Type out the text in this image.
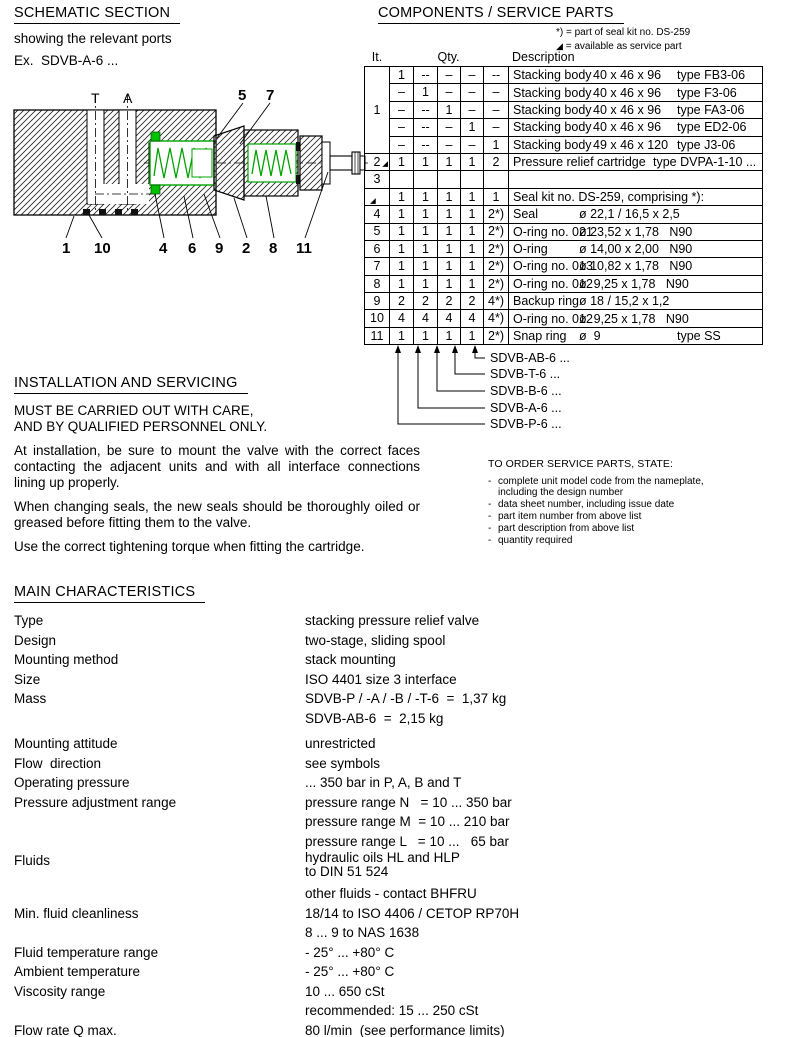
SCHEMATIC SECTION
showing the relevant ports
Ex.  SDVB-A-6 ...
T A	5 7
1 10	4 6 9 2 8 11
COMPONENTS / SERVICE PARTS
*) = part of seal kit no. DS-259
◢ = available as service part
It.	Qty.	Description
1	1	--	–	–	--	Stacking body 40 x 46 x 96 type FB3-06

	–	1	–	–	–	Stacking body 40 x 46 x 96 type F3-06

	–	--	1	–	–	Stacking body 40 x 46 x 96 type FA3-06

	–	--	–	1	–	Stacking body 40 x 46 x 96 type ED2-06

	–	--	–	–	1	Stacking body 49 x 46 x 120 type J3-06

2 ◢	1	1	1	1	2	Pressure relief cartridge type DVPA-1-10 ...

3						

◢	1	1	1	1	1	Seal kit no. DS-259, comprising *):

4	1	1	1	1	2*)	Seal ø 22,1 / 16,5 x 2,5

5	1	1	1	1	2*)	O-ring no. 021
ø 23,52 x 1,78   N90

6	1	1	1	1	2*)	O-ring ø 14,00 x 2,00   N90

7	1	1	1	1	2*)	O-ring no. 013
ø 10,82 x 1,78   N90

8	1	1	1	1	2*)	O-ring no. 012
ø  9,25 x 1,78   N90

9	2	2	2	2	4*)	Backup ring ø 18 / 15,2 x 1,2

10	4	4	4	4	4*)	O-ring no. 012
ø  9,25 x 1,78   N90

11	1	1	1	1	2*)	Snap ring ø  9 type SS
SDVB-AB-6 ...
SDVB-T-6 ...
SDVB-B-6 ...
SDVB-A-6 ...
SDVB-P-6 ...
TO ORDER SERVICE PARTS, STATE:
- complete unit model code from the nameplate, including the design number
- data sheet number, including issue date
- part item number from above list
- part description from above list
- quantity required
INSTALLATION AND SERVICING
MUST BE CARRIED OUT WITH CARE,
AND BY QUALIFIED PERSONNEL ONLY.

At installation, be sure to mount the valve with the correct faces contacting the adjacent units and with all interface connections lining up properly.

When changing seals, the new seals should be thoroughly oiled or greased before fitting them to the valve.

Use the correct tightening torque when fitting the cartridge.

MAIN CHARACTERISTICS
Type	stacking pressure relief valve
Design	two-stage, sliding spool
Mounting method	stack mounting
Size	ISO 4401 size 3 interface
Mass	SDVB-P / -A / -B / -T-6  =  1,37 kg
SDVB-AB-6  =  2,15 kg
Mounting attitude	unrestricted
Flow  direction	see symbols
Operating pressure	... 350 bar in P, A, B and T
Pressure adjustment range	pressure range N   = 10 ... 350 bar
pressure range M  = 10 ... 210 bar
pressure range L   = 10 ...   65 bar
Fluids	hydraulic oils HL and HLP
to DIN 51 524
other fluids - contact BHFRU
Min. fluid cleanliness	18/14 to ISO 4406 / CETOP RP70H
8 ... 9 to NAS 1638
Fluid temperature range	- 25° ... +80° C
Ambient temperature	- 25° ... +80° C
Viscosity range	10 ... 650 cSt
recommended: 15 ... 250 cSt
Flow rate Q max.	80 l/min  (see performance limits)
